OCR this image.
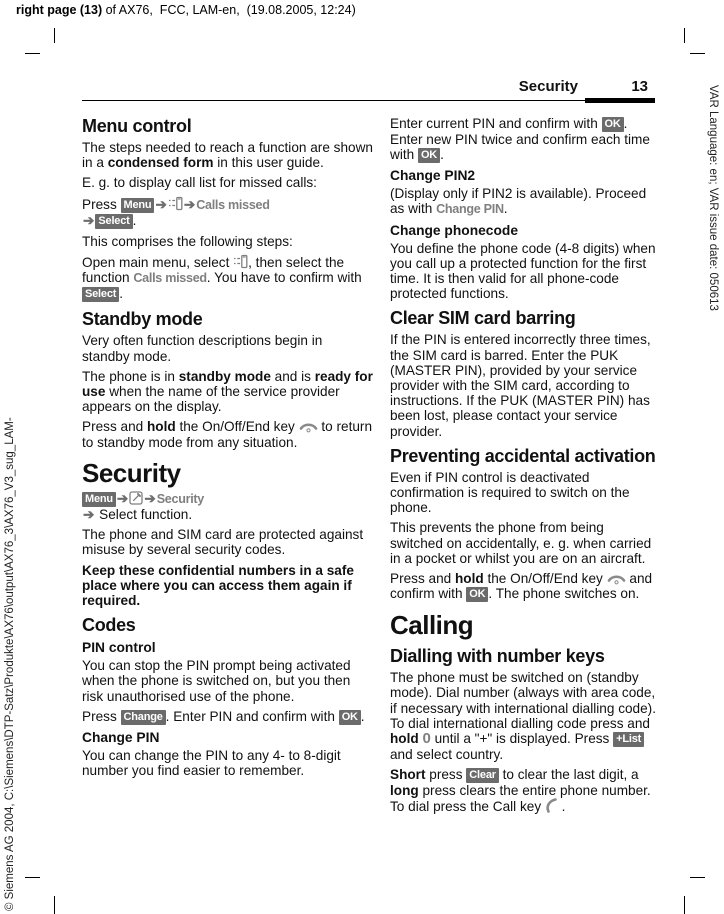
right page (13) of AX76,  FCC, LAM-en,  (19.08.2005, 12:24)
© Siemens AG 2004, C:\Siemens\DTP-Satz\Produkte\AX76\output\AX76_3\AX76_V3_sug_LAM-
VAR Language: en; VAR issue date: 050613
Security	13
Menu control

The steps needed to reach a function are shown in a condensed form in this user guide.

E. g. to display call list for missed calls:

Press Menu ➔ ➔Calls missed
➔ Select .

This comprises the following steps:

Open main menu, select , then select the function Calls missed. You have to confirm with Select .

Standby mode

Very often function descriptions begin in standby mode.

The phone is in standby mode and is ready for use when the name of the service provider appears on the display.

Press and hold the On/Off/End key  to return to standby mode from any situation.

Security

Menu ➔ ➔Security
➔ Select function.

The phone and SIM card are protected against misuse by several security codes.

Keep these confidential numbers in a safe place where you can access them again if required.

Codes
PIN control

You can stop the PIN prompt being activated when the phone is switched on, but you then risk unauthorised use of the phone.

Press Change . Enter PIN and confirm with OK .

Change PIN

You can change the PIN to any 4- to 8-digit number you find easier to remember.

Enter current PIN and confirm with OK . Enter new PIN twice and confirm each time with OK .

Change PIN2

(Display only if PIN2 is available). Proceed as with Change PIN.

Change phonecode

You define the phone code (4-8 digits) when you call up a protected function for the first time. It is then valid for all phone-code protected functions.

Clear SIM card barring

If the PIN is entered incorrectly three times, the SIM card is barred. Enter the PUK (MASTER PIN), provided by your service provider with the SIM card, according to instructions. If the PUK (MASTER PIN) has been lost, please contact your service provider.

Preventing accidental activation

Even if PIN control is deactivated confirmation is required to switch on the phone.

This prevents the phone from being switched on accidentally, e. g. when carried in a pocket or whilst you are on an aircraft.

Press and hold the On/Off/End key  and confirm with OK . The phone switches on.

Calling
Dialling with number keys

The phone must be switched on (standby mode). Dial number (always with area code, if necessary with international dialling code). To dial international dialling code press and hold 0 until a "+" is displayed. Press +List and select country.

Short press Clear to clear the last digit, a long press clears the entire phone number. To dial press the Call key  .
